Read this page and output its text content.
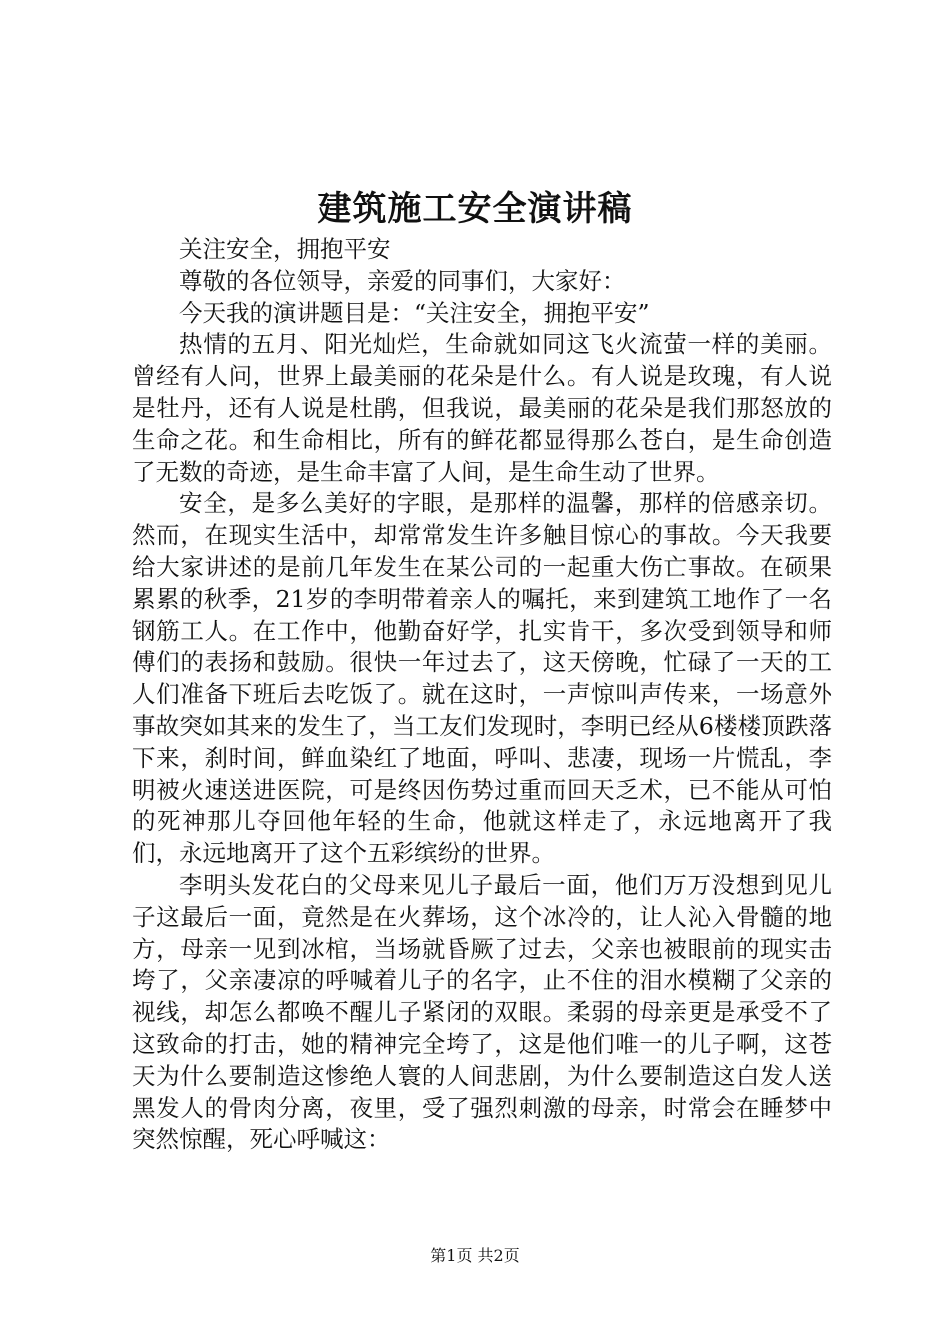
建筑施工安全演讲稿

关注安全，拥抱平安

尊敬的各位领导，亲爱的同事们，大家好：

今天我的演讲题目是：“关注安全，拥抱平安”

热情的五月、阳光灿烂，生命就如同这飞火流萤一样的美丽。曾经有人问，世界上最美丽的花朵是什么。有人说是玫瑰，有人说是牡丹，还有人说是杜鹃，但我说，最美丽的花朵是我们那怒放的生命之花。和生命相比，所有的鲜花都显得那么苍白，是生命创造了无数的奇迹，是生命丰富了人间，是生命生动了世界。

安全，是多么美好的字眼，是那样的温馨，那样的倍感亲切。然而，在现实生活中，却常常发生许多触目惊心的事故。今天我要给大家讲述的是前几年发生在某公司的一起重大伤亡事故。在硕果累累的秋季，21岁的李明带着亲人的嘱托，来到建筑工地作了一名钢筋工人。在工作中，他勤奋好学，扎实肯干，多次受到领导和师傅们的表扬和鼓励。很快一年过去了，这天傍晚，忙碌了一天的工人们准备下班后去吃饭了。就在这时，一声惊叫声传来，一场意外事故突如其来的发生了，当工友们发现时，李明已经从6楼楼顶跌落下来，刹时间，鲜血染红了地面，呼叫、悲凄，现场一片慌乱，李明被火速送进医院，可是终因伤势过重而回天乏术，已不能从可怕的死神那儿夺回他年轻的生命，他就这样走了，永远地离开了我们，永远地离开了这个五彩缤纷的世界。

李明头发花白的父母来见儿子最后一面，他们万万没想到见儿子这最后一面，竟然是在火葬场，这个冰冷的，让人沁入骨髓的地方，母亲一见到冰棺，当场就昏厥了过去，父亲也被眼前的现实击垮了，父亲凄凉的呼喊着儿子的名字，止不住的泪水模糊了父亲的视线，却怎么都唤不醒儿子紧闭的双眼。柔弱的母亲更是承受不了这致命的打击，她的精神完全垮了，这是他们唯一的儿子啊，这苍天为什么要制造这惨绝人寰的人间悲剧，为什么要制造这白发人送黑发人的骨肉分离，夜里，受了强烈刺激的母亲，时常会在睡梦中突然惊醒，死心呼喊这：

第1页 共2页
